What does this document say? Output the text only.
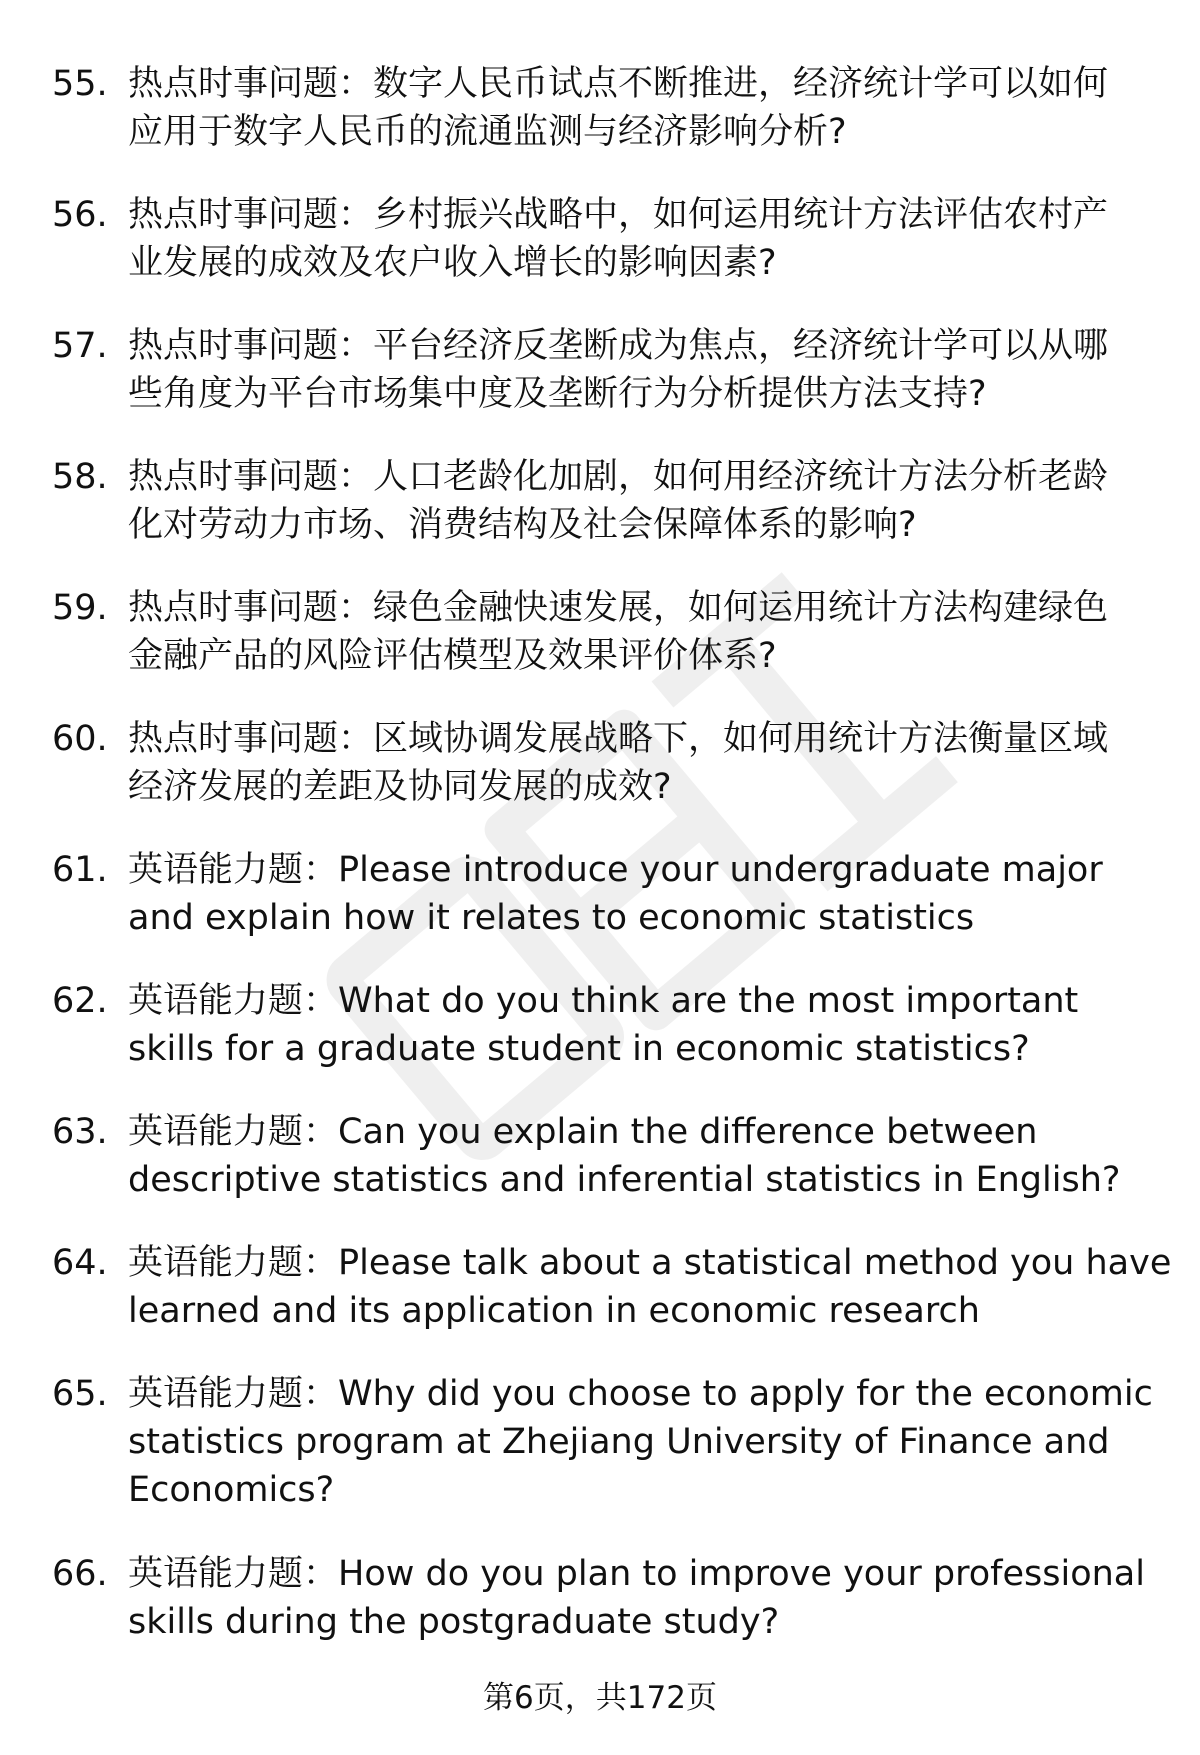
55. 热点时事问题：数字人民币试点不断推进，经济统计学可以如何
应用于数字人民币的流通监测与经济影响分析?

56. 热点时事问题：乡村振兴战略中，如何运用统计方法评估农村产
业发展的成效及农户收入增长的影响因素?

57. 热点时事问题：平台经济反垄断成为焦点，经济统计学可以从哪
些角度为平台市场集中度及垄断行为分析提供方法支持?

58. 热点时事问题：人口老龄化加剧，如何用经济统计方法分析老龄
化对劳动力市场、消费结构及社会保障体系的影响?

59. 热点时事问题：绿色金融快速发展，如何运用统计方法构建绿色
金融产品的风险评估模型及效果评价体系?

60. 热点时事问题：区域协调发展战略下，如何用统计方法衡量区域
经济发展的差距及协同发展的成效?

61. 英语能力题：Please introduce your undergraduate major
and explain how it relates to economic statistics

62. 英语能力题：What do you think are the most important
skills for a graduate student in economic statistics?

63. 英语能力题：Can you explain the difference between
descriptive statistics and inferential statistics in English?

64. 英语能力题：Please talk about a statistical method you have
learned and its application in economic research

65. 英语能力题：Why did you choose to apply for the economic
statistics program at Zhejiang University of Finance and
Economics?

66. 英语能力题：How do you plan to improve your professional
skills during the postgraduate study?

第6页，共172页
